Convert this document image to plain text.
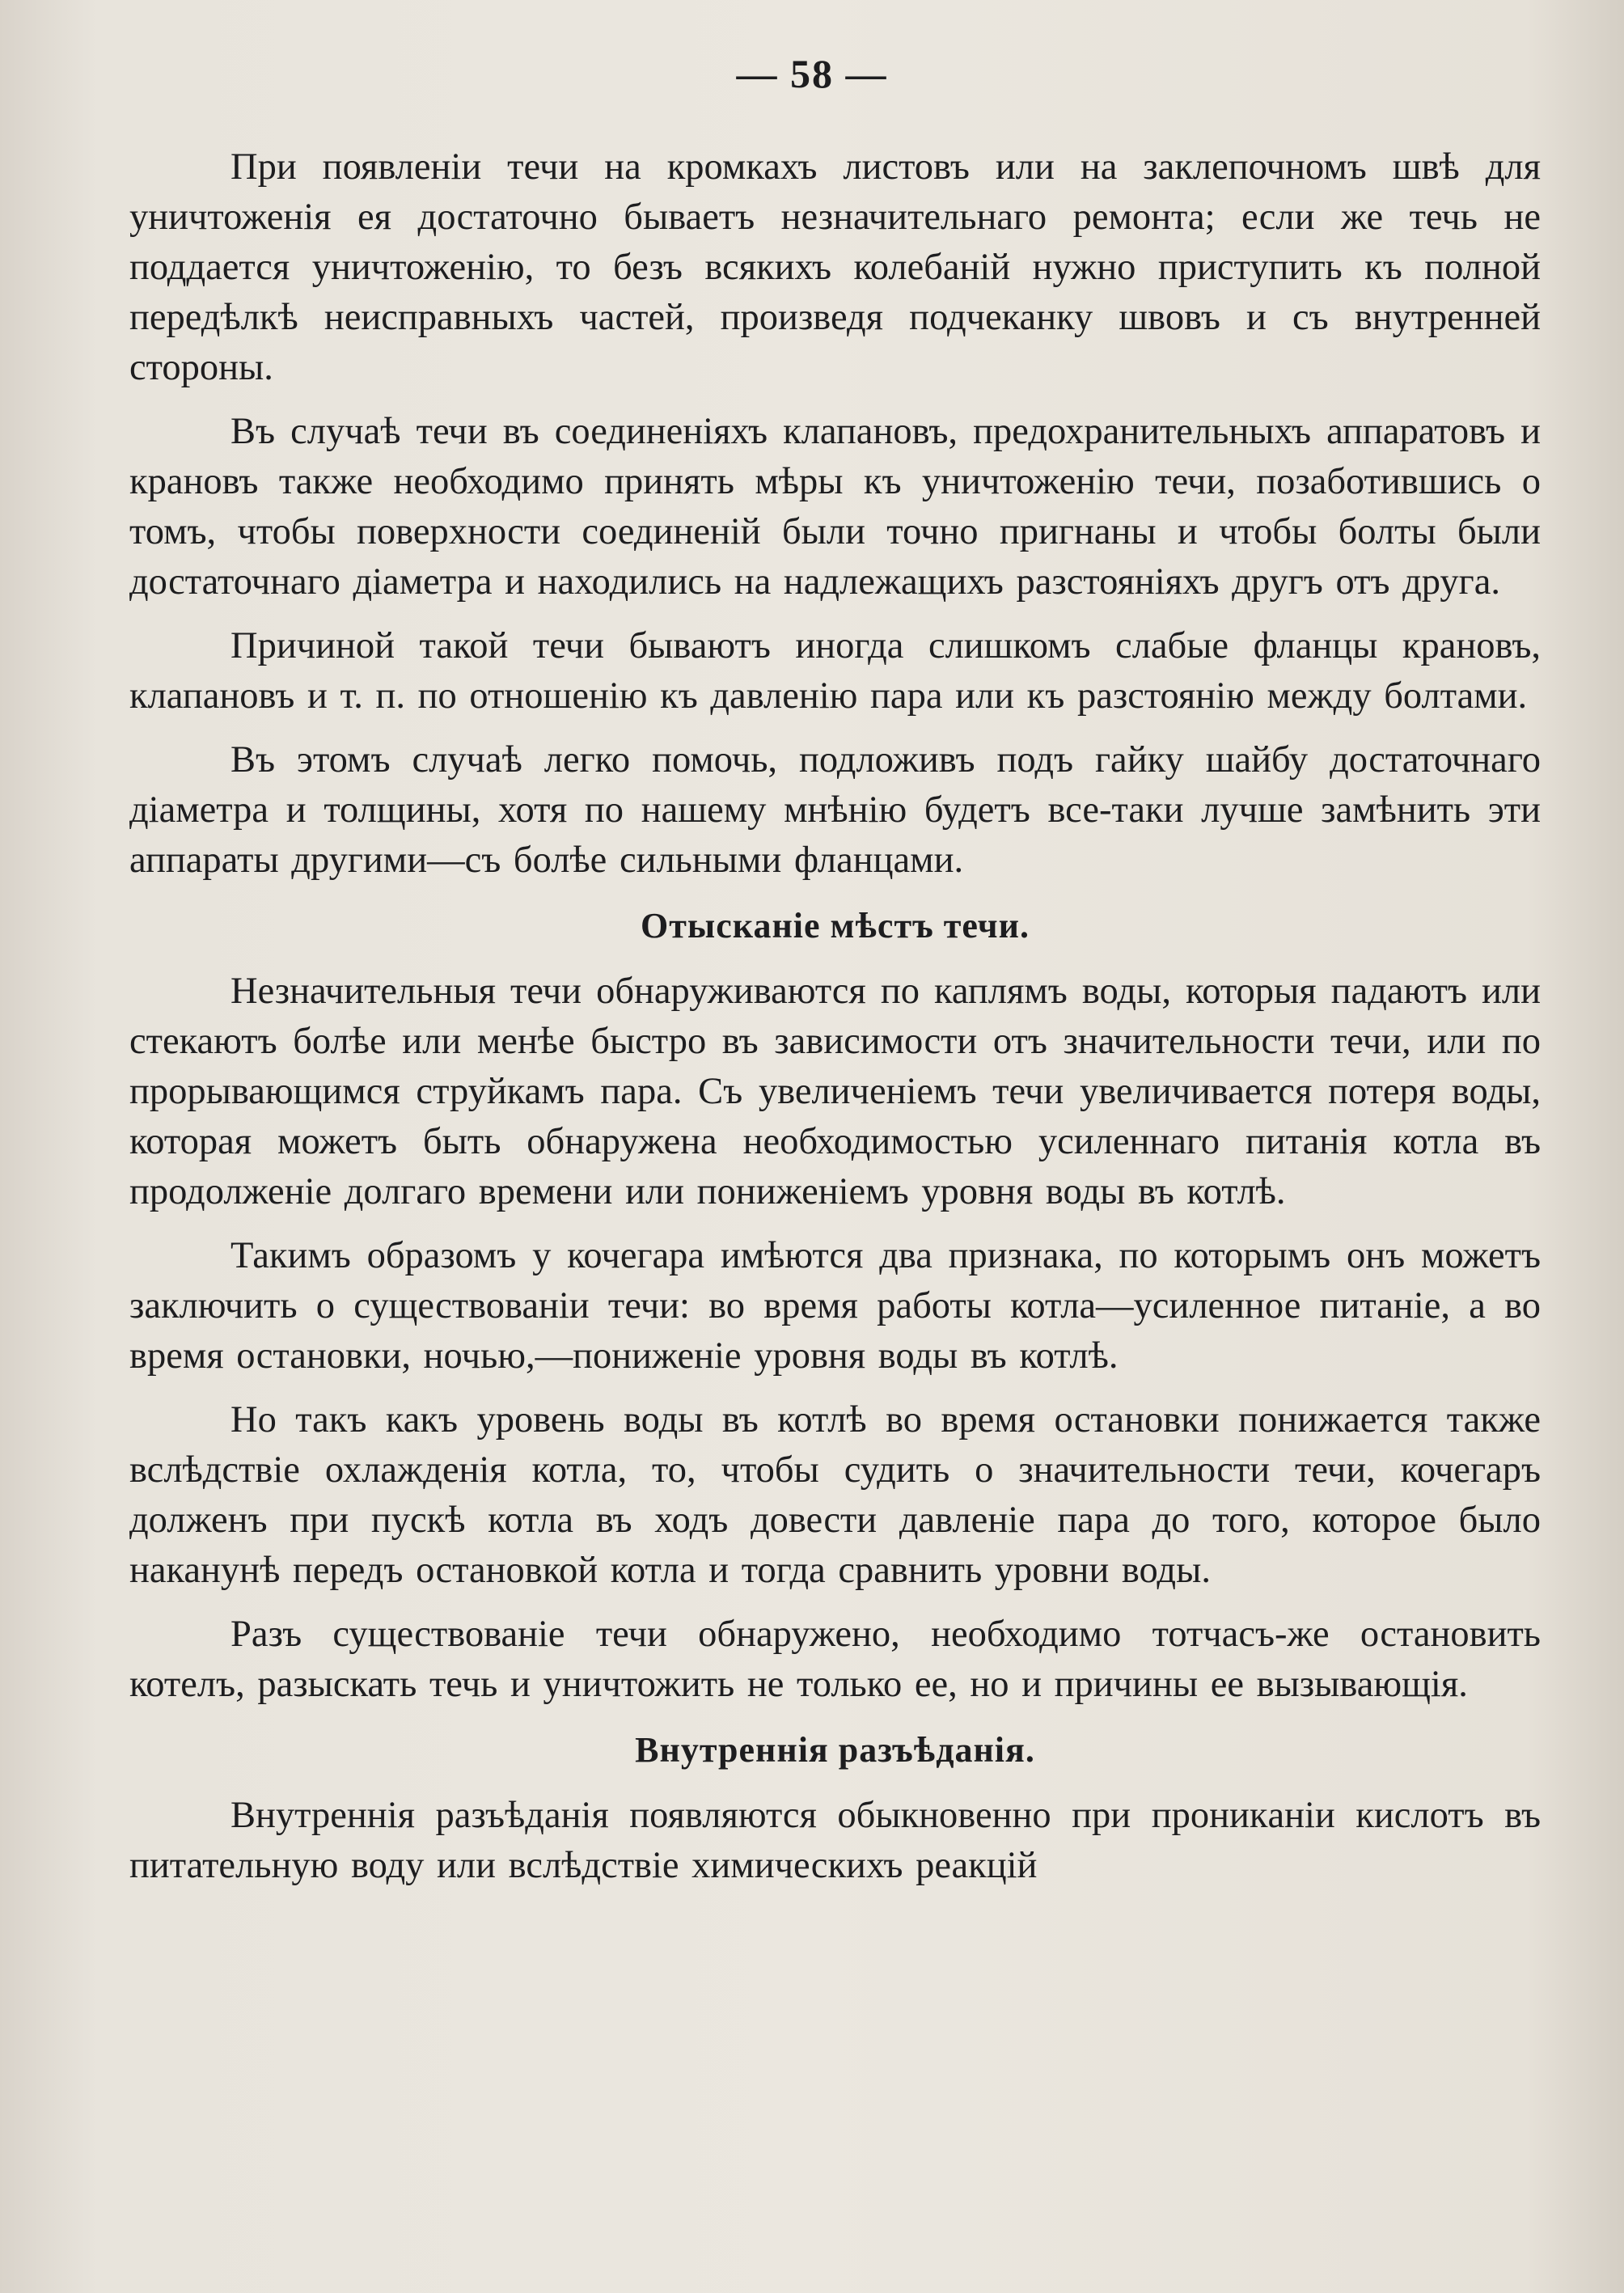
— 58 —

При появленiи течи на кромкахъ листовъ или на заклепочномъ швѣ для уничтоженія ея достаточно бываетъ незначительнаго ремонта; если же течь не поддается уничтоженію, то безъ всякихъ колебаній нужно приступить къ полной передѣлкѣ неисправныхъ частей, произведя подчеканку швовъ и съ внутренней стороны.

Въ случаѣ течи въ соединеніяхъ клапановъ, предохранительныхъ аппаратовъ и крановъ также необходимо принять мѣры къ уничтоженію течи, позаботившись о томъ, чтобы поверхности соединеній были точно пригнаны и чтобы болты были достаточнаго діаметра и находились на надлежащихъ разстояніяхъ другъ отъ друга.

Причиной такой течи бываютъ иногда слишкомъ слабые фланцы крановъ, клапановъ и т. п. по отношенію къ давленію пара или къ разстоянію между болтами.

Въ этомъ случаѣ легко помочь, подложивъ подъ гайку шайбу достаточнаго діаметра и толщины, хотя по нашему мнѣнію будетъ все-таки лучше замѣнить эти аппараты другими—съ болѣе сильными фланцами.

Отысканіе мѣстъ течи.

Незначительныя течи обнаруживаются по каплямъ воды, которыя падаютъ или стекаютъ болѣе или менѣе быстро въ зависимости отъ значительности течи, или по прорывающимся струйкамъ пара. Съ увеличеніемъ течи увеличивается потеря воды, которая можетъ быть обнаружена необходимостью усиленнаго питанія котла въ продолженіе долгаго времени или пониженіемъ уровня воды въ котлѣ.

Такимъ образомъ у кочегара имѣются два признака, по которымъ онъ можетъ заключить о существованіи течи: во время работы котла—усиленное питаніе, а во время остановки, ночью,—пониженіе уровня воды въ котлѣ.

Но такъ какъ уровень воды въ котлѣ во время остановки понижается также вслѣдствіе охлажденія котла, то, чтобы судить о значительности течи, кочегаръ долженъ при пускѣ котла въ ходъ довести давленіе пара до того, которое было наканунѣ передъ остановкой котла и тогда сравнить уровни воды.

Разъ существованіе течи обнаружено, необходимо тотчасъ-же остановить котелъ, разыскать течь и уничтожить не только ее, но и причины ее вызывающія.

Внутреннія разъѣданія.

Внутреннія разъѣданія появляются обыкновенно при проникaнiи кислотъ въ питательную воду или вслѣдствіе химическихъ реакцій
